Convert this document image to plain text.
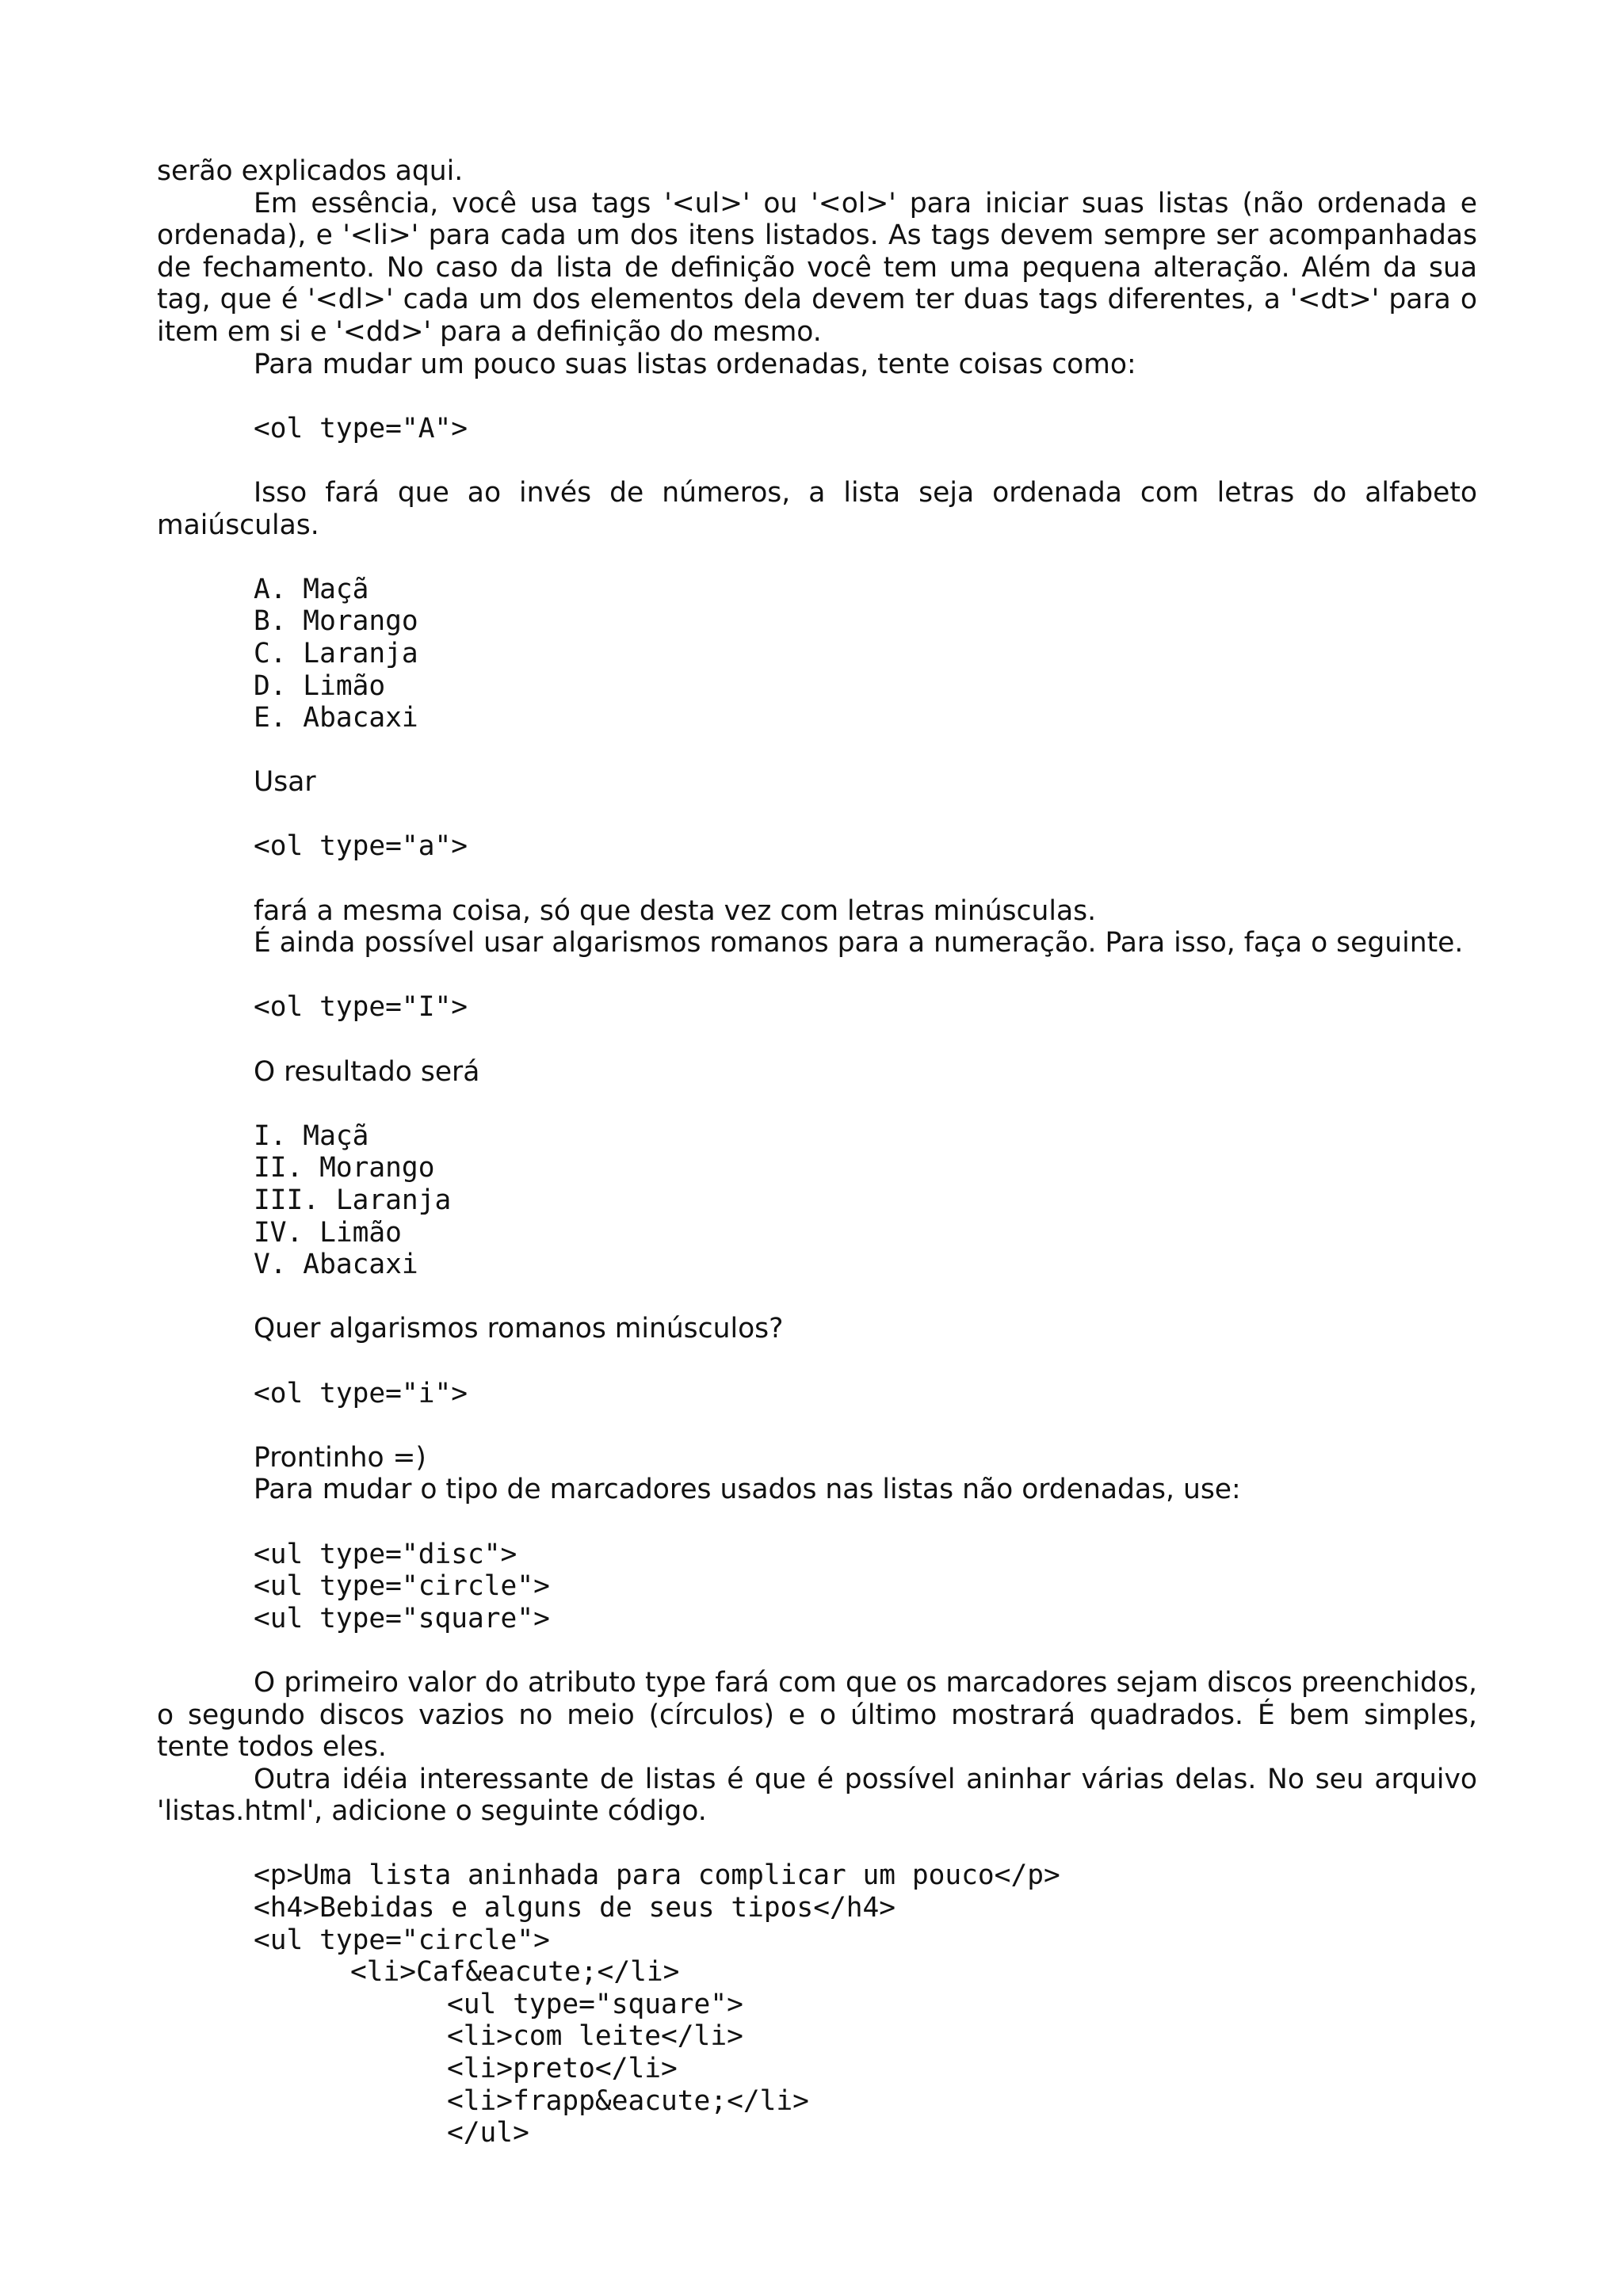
serão explicados aqui.

Em essência, você usa tags '<ul>' ou '<ol>' para iniciar suas listas (não ordenada e ordenada), e '<li>' para cada um dos itens listados. As tags devem sempre ser acompanhadas de fechamento. No caso da lista de definição você tem uma pequena alteração. Além da sua tag, que é '<dl>' cada um dos elementos dela devem ter duas tags diferentes, a '<dt>' para o item em si e '<dd>' para a definição do mesmo.

Para mudar um pouco suas listas ordenadas, tente coisas como:

<ol type="A">

Isso fará que ao invés de números, a lista seja ordenada com letras do alfabeto maiúsculas.

A. Maçã
B. Morango
C. Laranja
D. Limão
E. Abacaxi

Usar

<ol type="a">

fará a mesma coisa, só que desta vez com letras minúsculas.

É ainda possível usar algarismos romanos para a numeração. Para isso, faça o seguinte.

<ol type="I">

O resultado será

I. Maçã
II. Morango
III. Laranja
IV. Limão
V. Abacaxi

Quer algarismos romanos minúsculos?

<ol type="i">

Prontinho =)

Para mudar o tipo de marcadores usados nas listas não ordenadas, use:

<ul type="disc">
<ul type="circle">
<ul type="square">

O primeiro valor do atributo type fará com que os marcadores sejam discos preenchidos, o segundo discos vazios no meio (círculos) e o último mostrará quadrados. É bem simples, tente todos eles.

Outra idéia interessante de listas é que é possível aninhar várias delas. No seu arquivo 'listas.html', adicione o seguinte código.

<p>Uma lista aninhada para complicar um pouco</p>
<h4>Bebidas e alguns de seus tipos</h4>
<ul type="circle">
<li>Caf&eacute;</li>
<ul type="square">
<li>com leite</li>
<li>preto</li>
<li>frapp&eacute;</li>
</ul>
